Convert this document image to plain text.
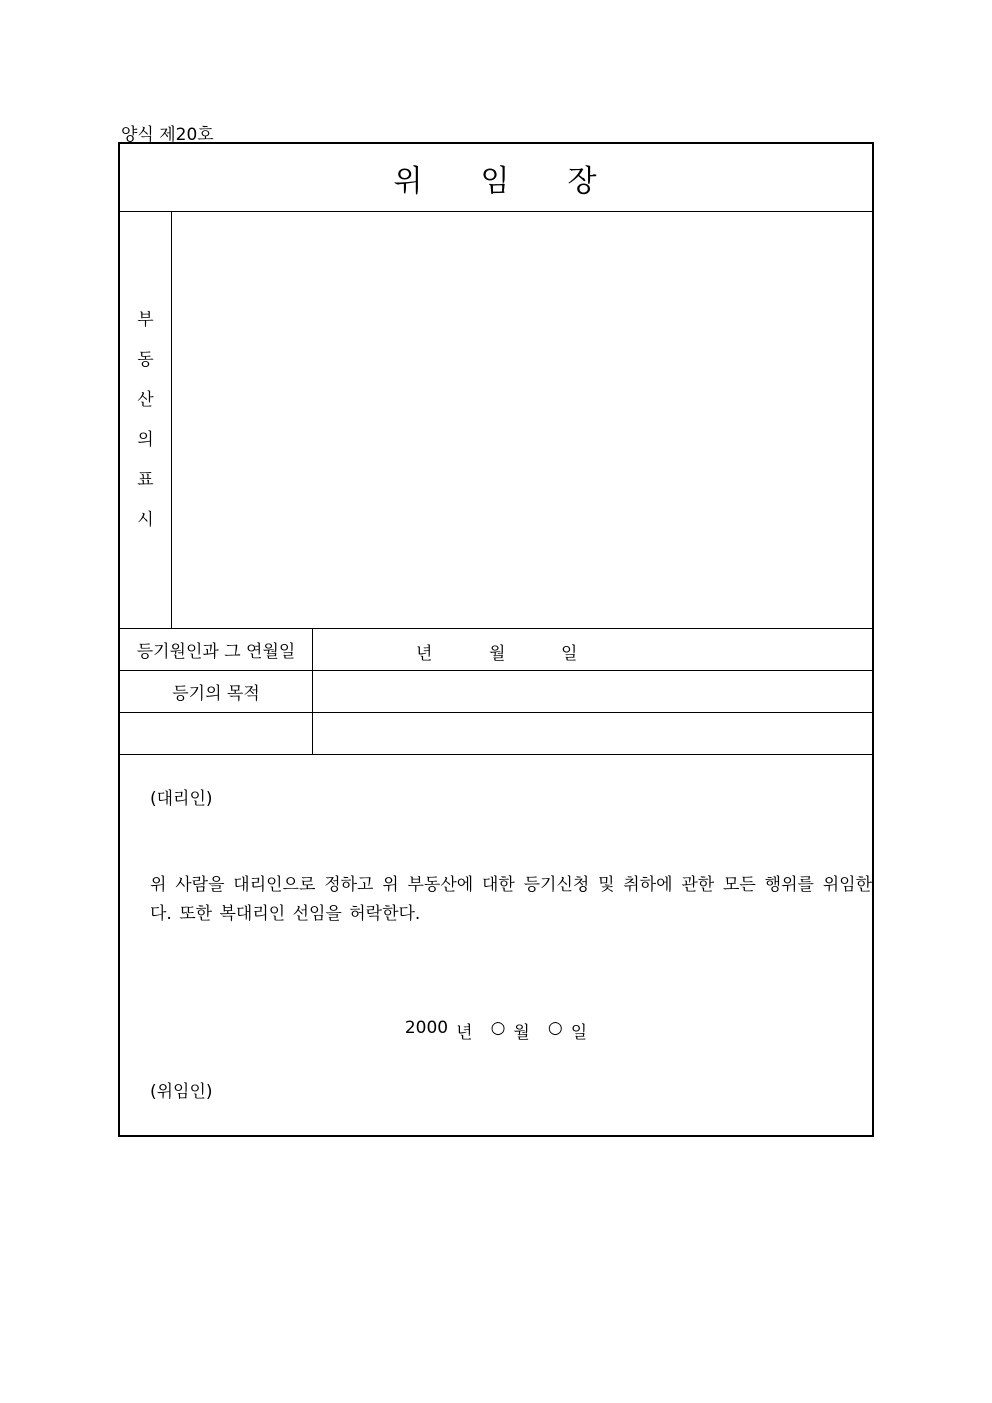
양식 제20호
위 임 장
부
동
산
의
표
시
등기원인과 그 연월일	년	월	일
등기의 목적
(대리인)
위 사람을 대리인으로 정하고 위 부동산에 대한 등기신청 및 취하에 관한 모든 행위를 위임한다. 또한 복대리인 선임을 허락한다.
2000 년 ○ 월 ○ 일
(위임인)
